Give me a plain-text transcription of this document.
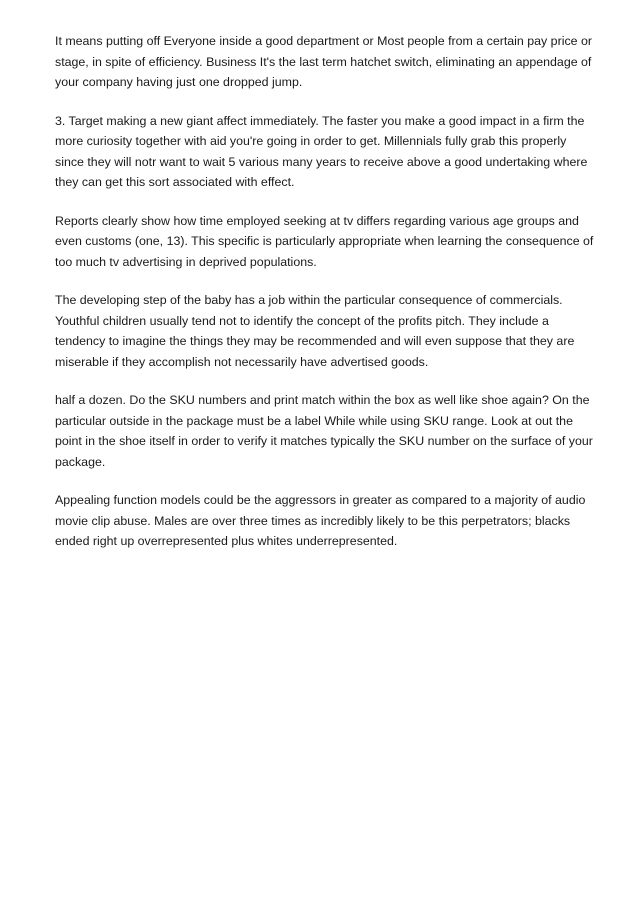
It means putting off Everyone inside a good department or Most people from a certain pay price or stage, in spite of efficiency. Business It's the last term hatchet switch, eliminating an appendage of your company having just one dropped jump.

3. Target making a new giant affect immediately. The faster you make a good impact in a firm the more curiosity together with aid you're going in order to get. Millennials fully grab this properly since they will notr want to wait 5 various many years to receive above a good undertaking where they can get this sort associated with effect.

Reports clearly show how time employed seeking at tv differs regarding various age groups and even customs (one, 13). This specific is particularly appropriate when learning the consequence of too much tv advertising in deprived populations.

The developing step of the baby has a job within the particular consequence of commercials. Youthful children usually tend not to identify the concept of the profits pitch. They include a tendency to imagine the things they may be recommended and will even suppose that they are miserable if they accomplish not necessarily have advertised goods.

half a dozen. Do the SKU numbers and print match within the box as well like shoe again? On the particular outside in the package must be a label While while using SKU range. Look at out the point in the shoe itself in order to verify it matches typically the SKU number on the surface of your package.

Appealing function models could be the aggressors in greater as compared to a majority of audio movie clip abuse. Males are over three times as incredibly likely to be this perpetrators; blacks ended right up overrepresented plus whites underrepresented.
